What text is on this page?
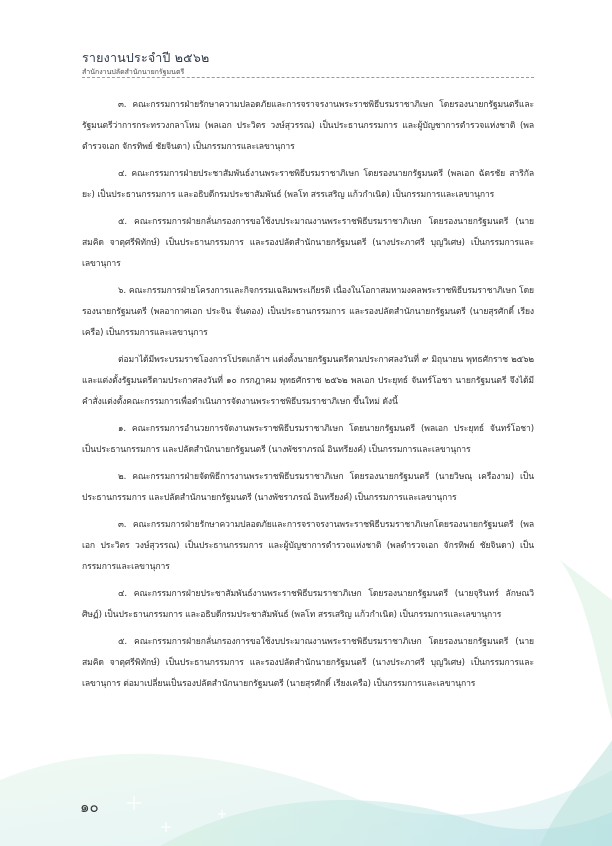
รายงานประจำปี ๒๕๖๒
สำนักงานปลัดสำนักนายกรัฐมนตรี

๓. คณะกรรมการฝ่ายรักษาความปลอดภัยและการจราจรงานพระราชพิธีบรมราชาภิเษก โดยรองนายกรัฐมนตรีและรัฐมนตรีว่าการกระทรวงกลาโหม (พลเอก ประวิตร วงษ์สุวรรณ) เป็นประธานกรรมการ และผู้บัญชาการตำรวจแห่งชาติ (พลตำรวจเอก จักรทิพย์ ชัยจินดา) เป็นกรรมการและเลขานุการ

๔. คณะกรรมการฝ่ายประชาสัมพันธ์งานพระราชพิธีบรมราชาภิเษก โดยรองนายกรัฐมนตรี (พลเอก ฉัตรชัย สาริกัลยะ) เป็นประธานกรรมการ และอธิบดีกรมประชาสัมพันธ์ (พลโท สรรเสริญ แก้วกำเนิด) เป็นกรรมการและเลขานุการ

๕. คณะกรรมการฝ่ายกลั่นกรองการขอใช้งบประมาณงานพระราชพิธีบรมราชาภิเษก โดยรองนายกรัฐมนตรี (นายสมคิด จาตุศรีพิทักษ์) เป็นประธานกรรมการ และรองปลัดสำนักนายกรัฐมนตรี (นางประภาศรี บุญวิเศษ) เป็นกรรมการและเลขานุการ

๖. คณะกรรมการฝ่ายโครงการและกิจกรรมเฉลิมพระเกียรติ เนื่องในโอกาสมหามงคลพระราชพิธีบรมราชาภิเษก โดยรองนายกรัฐมนตรี (พลอากาศเอก ประจิน จั่นตอง) เป็นประธานกรรมการ และรองปลัดสำนักนายกรัฐมนตรี (นายสุรศักดิ์ เรียงเครือ) เป็นกรรมการและเลขานุการ

ต่อมาได้มีพระบรมราชโองการโปรดเกล้าฯ แต่งตั้งนายกรัฐมนตรีตามประกาศลงวันที่ ๙ มิถุนายน พุทธศักราช ๒๕๖๒ และแต่งตั้งรัฐมนตรีตามประกาศลงวันที่ ๑๐ กรกฎาคม พุทธศักราช ๒๕๖๒ พลเอก ประยุทธ์ จันทร์โอชา นายกรัฐมนตรี จึงได้มีคำสั่งแต่งตั้งคณะกรรมการเพื่อดำเนินการจัดงานพระราชพิธีบรมราชาภิเษก ขึ้นใหม่ ดังนี้

๑. คณะกรรมการอำนวยการจัดงานพระราชพิธีบรมราชาภิเษก โดยนายกรัฐมนตรี (พลเอก ประยุทธ์ จันทร์โอชา) เป็นประธานกรรมการ และปลัดสำนักนายกรัฐมนตรี (นางพัชราภรณ์ อินทรียงค์) เป็นกรรมการและเลขานุการ

๒. คณะกรรมการฝ่ายจัดพิธีการงานพระราชพิธีบรมราชาภิเษก โดยรองนายกรัฐมนตรี (นายวิษณุ เครืองาม) เป็นประธานกรรมการ และปลัดสำนักนายกรัฐมนตรี (นางพัชราภรณ์ อินทรียงค์) เป็นกรรมการและเลขานุการ

๓. คณะกรรมการฝ่ายรักษาความปลอดภัยและการจราจรงานพระราชพิธีบรมราชาภิเษกโดยรองนายกรัฐมนตรี (พลเอก ประวิตร วงษ์สุวรรณ) เป็นประธานกรรมการ และผู้บัญชาการตำรวจแห่งชาติ (พลตำรวจเอก จักรทิพย์ ชัยจินดา) เป็นกรรมการและเลขานุการ

๔. คณะกรรมการฝ่ายประชาสัมพันธ์งานพระราชพิธีบรมราชาภิเษก โดยรองนายกรัฐมนตรี (นายจุรินทร์ ลักษณวิศิษฏ์) เป็นประธานกรรมการ และอธิบดีกรมประชาสัมพันธ์ (พลโท สรรเสริญ แก้วกำเนิด) เป็นกรรมการและเลขานุการ

๕. คณะกรรมการฝ่ายกลั่นกรองการขอใช้งบประมาณงานพระราชพิธีบรมราชาภิเษก โดยรองนายกรัฐมนตรี (นายสมคิด จาตุศรีพิทักษ์) เป็นประธานกรรมการ และรองปลัดสำนักนายกรัฐมนตรี (นางประภาศรี บุญวิเศษ) เป็นกรรมการและเลขานุการ ต่อมาเปลี่ยนเป็นรองปลัดสำนักนายกรัฐมนตรี (นายสุรศักดิ์ เรียงเครือ) เป็นกรรมการและเลขานุการ

๑๐
